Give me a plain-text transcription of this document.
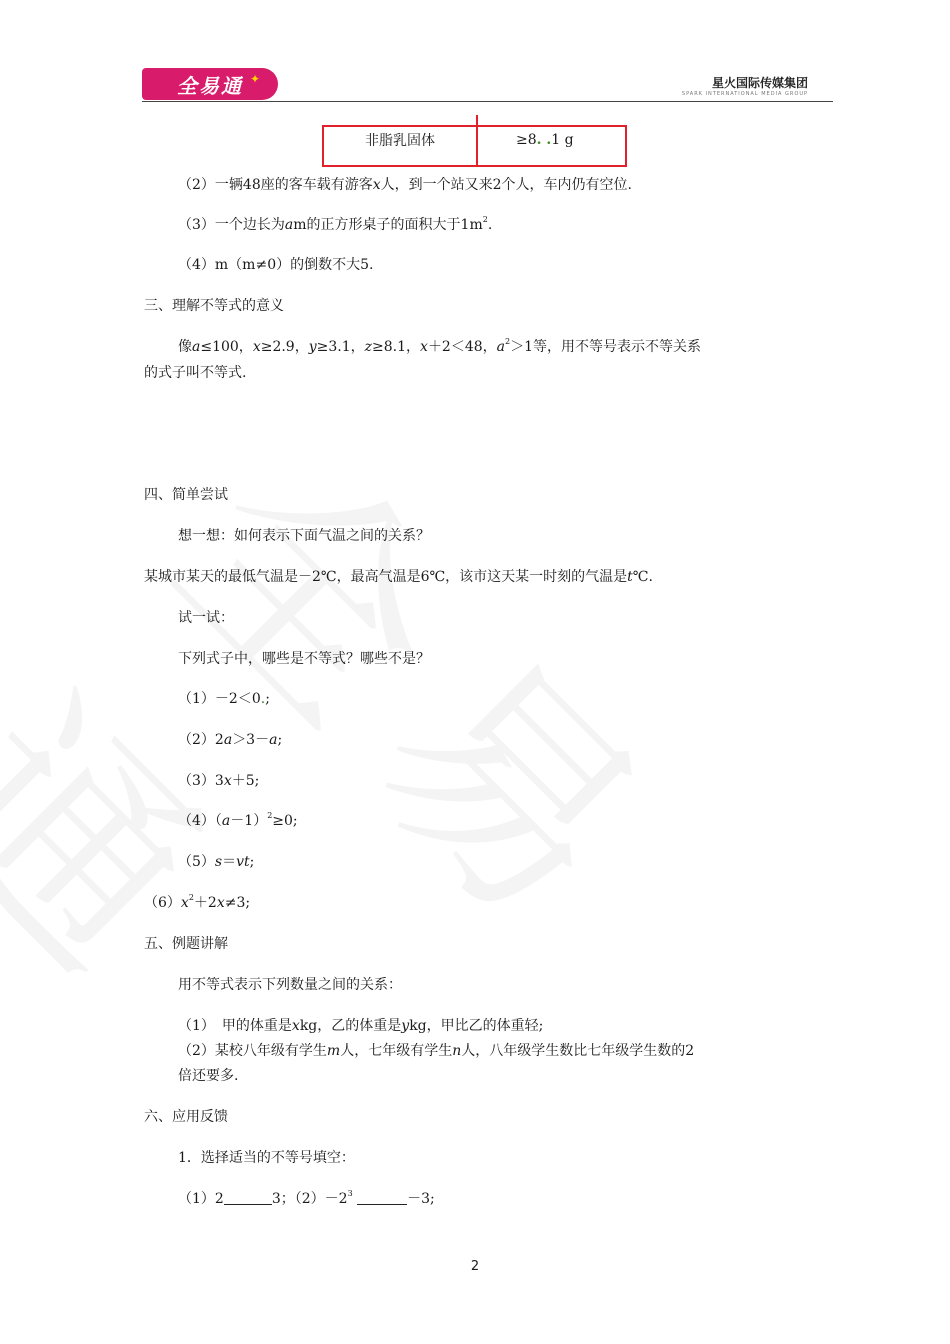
全易通 ✦	星火国际传媒集团
SPARK INTERNATIONAL MEDIA GROUP
非脂乳固体	≥8 . . 1 g
（2）一辆48座的客车载有游客x人，到一个站又来2个人，车内仍有空位.
（3）一个边长为am的正方形桌子的面积大于$1m^2$.
（4）m（m≠0）的倒数不大5.
三、理解不等式的意义
像a≤100，x≥2.9，y≥3.1，z≥8.1，x＋2＜48，$a^2>1$等，用不等号表示不等关系
的式子叫不等式.
四、简单尝试
想一想：如何表示下面气温之间的关系？
某城市某天的最低气温是－2℃，最高气温是6℃，该市这天某一时刻的气温是t℃.
试一试：
下列式子中，哪些是不等式？哪些不是？
（1）－2＜0.;
（2）2a＞3－a;
（3）3x＋5;
$(4)(a-1)^2\ge 0$;
（5）s＝vt;
$(6)x^2+2x\ne 3$;
五、例题讲解
用不等式表示下列数量之间的关系：
（1）　甲的体重是xkg，乙的体重是ykg，甲比乙的体重轻;
（2）某校八年级有学生m人，七年级有学生n人，八年级学生数比七年级学生数的2
倍还要多.
六、应用反馈
1．选择适当的不等号填空：
（1）2	3；$(2)-2^3$	－3;
2
